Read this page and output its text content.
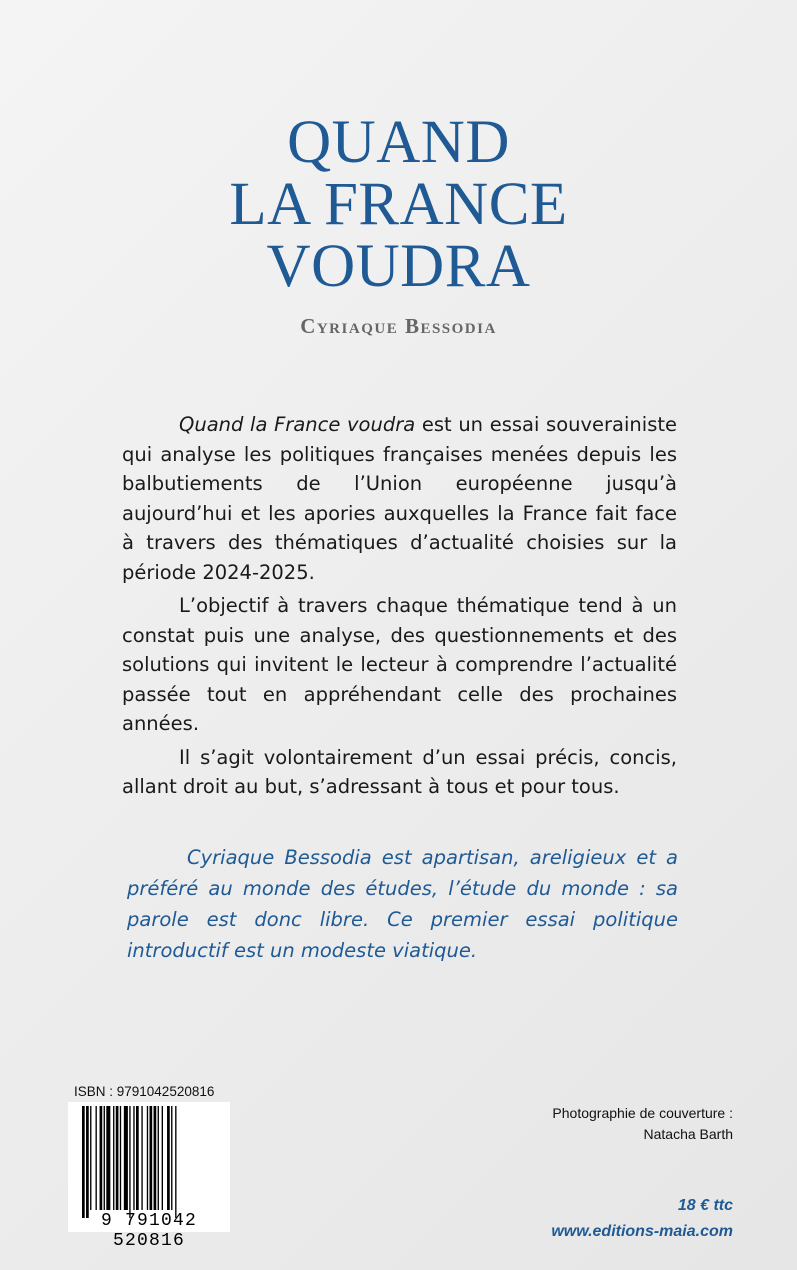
QUAND
LA FRANCE
VOUDRA
Cyriaque Bessodia

Quand la France voudra est un essai souverainiste qui analyse les politiques françaises menées depuis les balbutiements de l’Union européenne jusqu’à aujourd’hui et les apories auxquelles la France fait face à travers des thématiques d’actualité choisies sur la période 2024-2025.

L’objectif à travers chaque thématique tend à un constat puis une analyse, des questionnements et des solutions qui invitent le lecteur à comprendre l’actualité passée tout en appréhendant celle des prochaines années.

Il s’agit volontairement d’un essai précis, concis, allant droit au but, s’adressant à tous et pour tous.

Cyriaque Bessodia est apartisan, areligieux et a préféré au monde des études, l’étude du monde : sa parole est donc libre. Ce premier essai politique introductif est un modeste viatique.

ISBN : 9791042520816
9 791042 520816
Photographie de couverture :
Natacha Barth
18 € ttc
www.editions-maia.com
